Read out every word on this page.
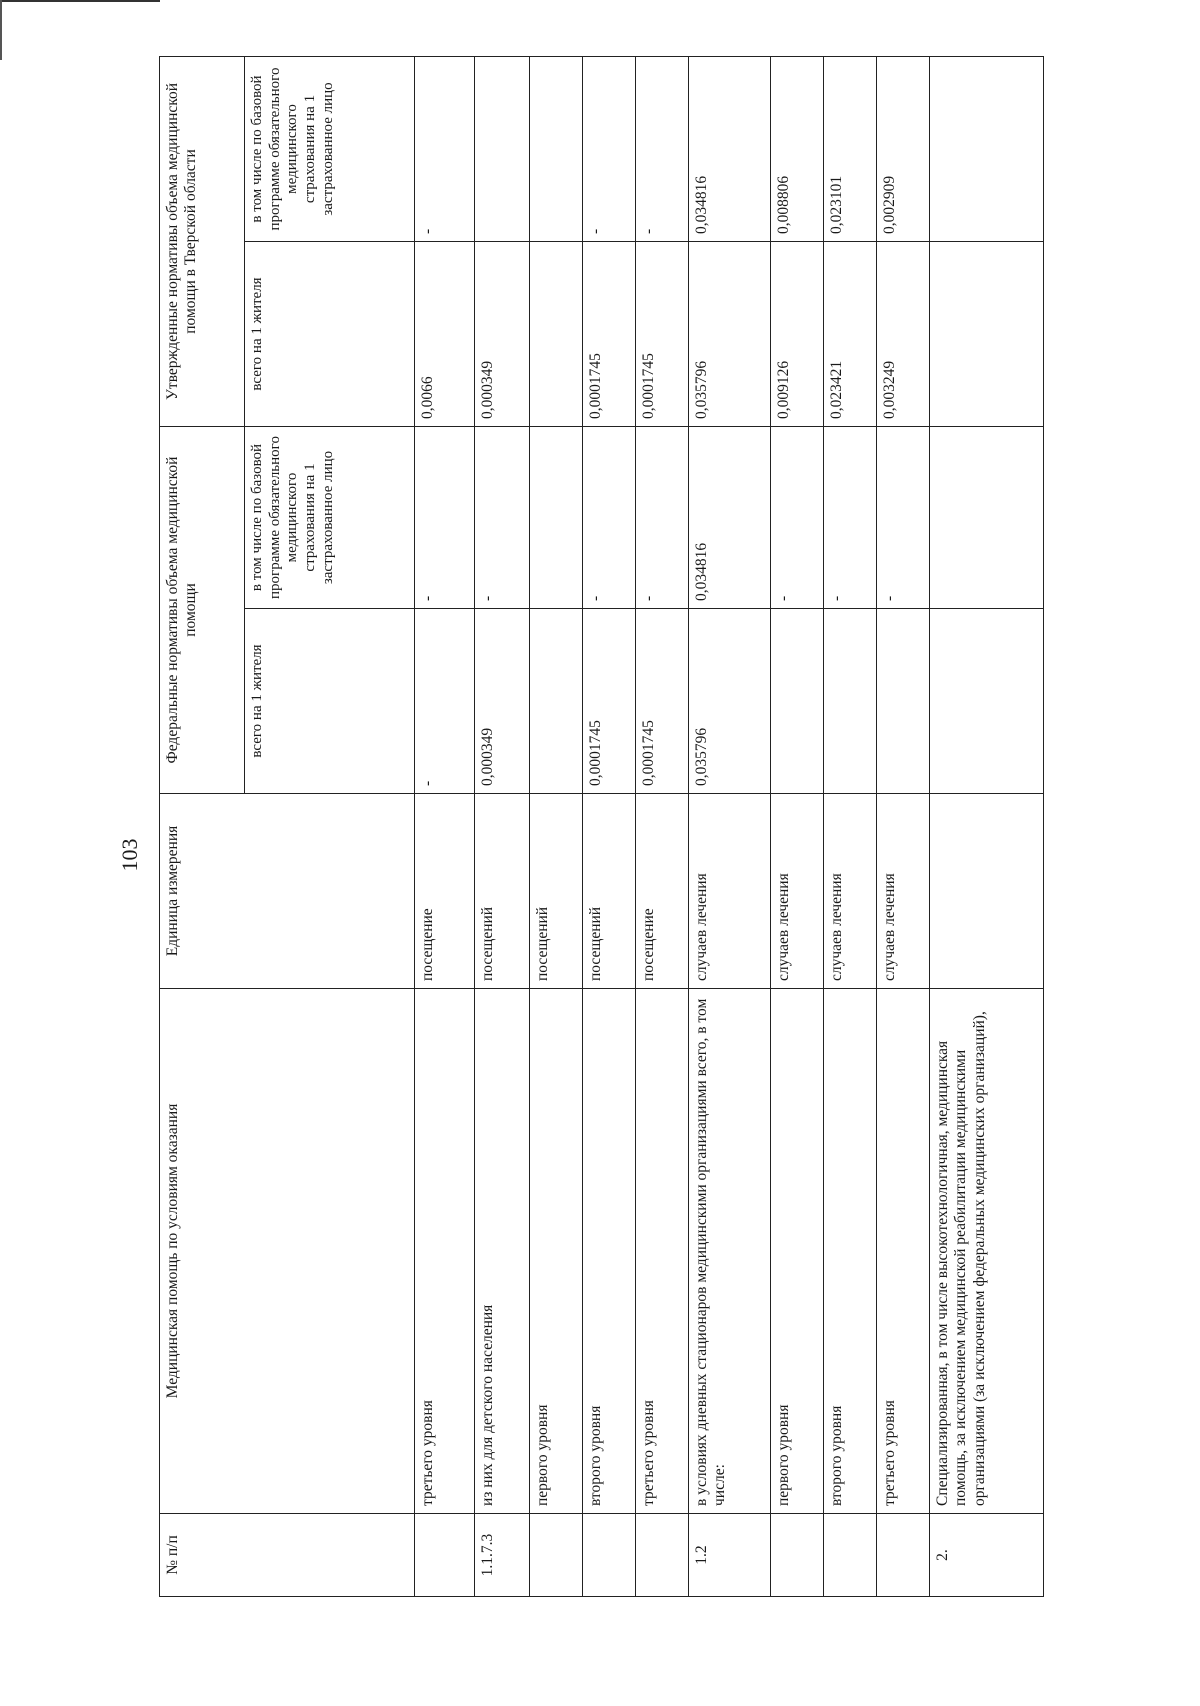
103
№ п/п	Медицинская помощь по условиям оказания	Единица измерения	Федеральные нормативы объема медицинской помощи		Утвержденные нормативы объема медицинской помощи в Тверской области	
			всего на 1 жителя	в том числе по базовой программе обязательного медицинского страхования на 1 застрахованное лицо	всего на 1 жителя	в том числе по базовой программе обязательного медицинского страхования на 1 застрахованное лицо
	третьего уровня	посещение	-	-	0,0066	-
1.1.7.3	из них для детского населения	посещений	0,000349	-	0,000349	
	первого уровня	посещений				
	второго уровня	посещений	0,0001745	-	0,0001745	-
	третьего уровня	посещение	0,0001745	-	0,0001745	-
1.2	в условиях дневных стационаров медицинскими организациями всего, в том числе:	случаев лечения	0,035796	0,034816	0,035796	0,034816
	первого уровня	случаев лечения		-	0,009126	0,008806
	второго уровня	случаев лечения		-	0,023421	0,023101
	третьего уровня	случаев лечения		-	0,003249	0,002909
2.	Специализированная, в том числе высокотехнологичная, медицинская помощь, за исключением медицинской реабилитации медицинскими организациями (за исключением федеральных медицинских организаций),					
